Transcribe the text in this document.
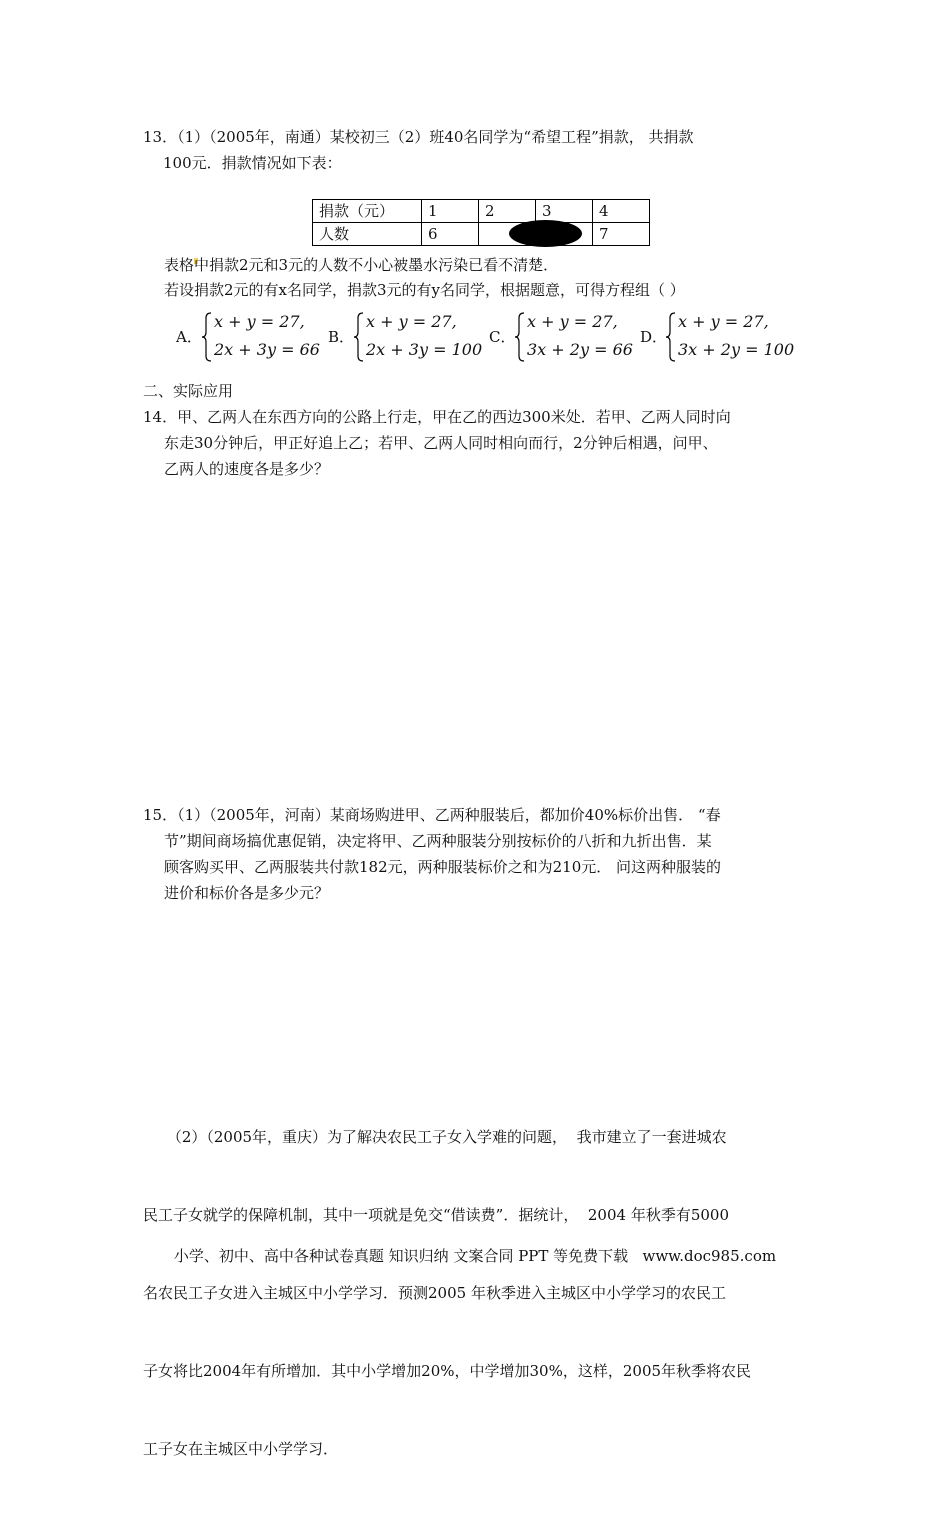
13．（1）（2005年，南通）某校初三（2）班40名同学为“希望工程”捐款， 共捐款
100元．捐款情况如下表：
捐款（元）	1	2	3	4
人数	6			7
表格中捐款2元和3元的人数不小心被墨水污染已看不清楚．
若设捐款2元的有x名同学，捐款3元的有y名同学，根据题意，可得方程组（ ）
A．
x + y = 27,
2x + 3y = 66
B．
x + y = 27,
2x + 3y = 100
C．
x + y = 27,
3x + 2y = 66
D．
x + y = 27,
3x + 2y = 100
二、实际应用
14．甲、乙两人在东西方向的公路上行走，甲在乙的西边300米处．若甲、乙两人同时向
东走30分钟后，甲正好追上乙；若甲、乙两人同时相向而行，2分钟后相遇，问甲、
乙两人的速度各是多少？
15．（1）（2005年，河南）某商场购进甲、乙两种服装后，都加价40%标价出售． “春
节”期间商场搞优惠促销，决定将甲、乙两种服装分别按标价的八折和九折出售．某
顾客购买甲、乙两服装共付款182元，两种服装标价之和为210元． 问这两种服装的
进价和标价各是多少元？

（2）（2005年，重庆）为了解决农民工子女入学难的问题，  我市建立了一套进城农

民工子女就学的保障机制，其中一项就是免交“借读费”．据统计，  2004 年秋季有5000

名农民工子女进入主城区中小学学习．预测2005 年秋季进入主城区中小学学习的农民工

子女将比2004年有所增加．其中小学增加20%，中学增加30%，这样，2005年秋季将农民

工子女在主城区中小学学习．

小学、初中、高中各种试卷真题 知识归纳 文案合同 PPT 等免费下载   www.doc985.com
